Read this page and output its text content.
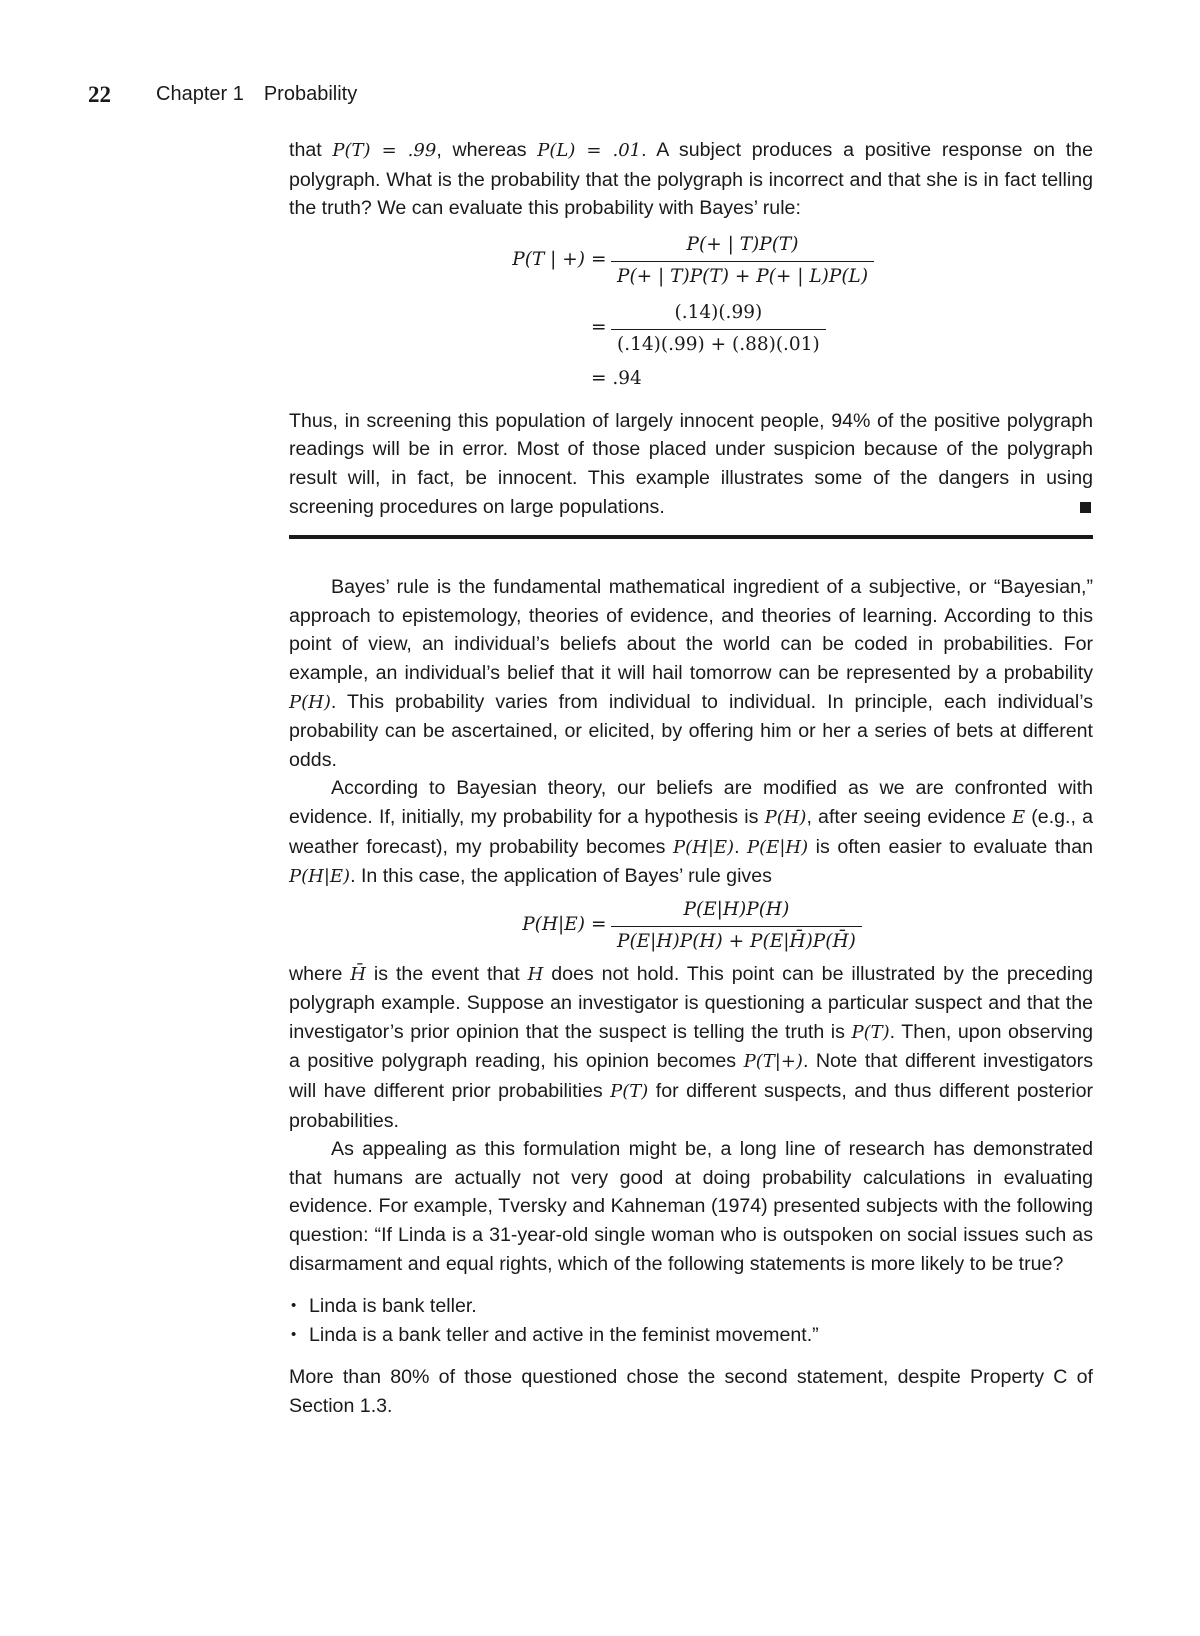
22 Chapter 1 Probability

that P(T) = .99, whereas P(L) = .01. A subject produces a positive response on the polygraph. What is the probability that the polygraph is incorrect and that she is in fact telling the truth? We can evaluate this probability with Bayes’ rule:

P(T | +) = $\frac{P(+ | T)P(T)}{P(+ | T)P(T) + P(+ | L)P(L)}$
= $\frac{(.14)(.99)}{(.14)(.99) + (.88)(.01)}$
= .94

Thus, in screening this population of largely innocent people, 94% of the positive polygraph readings will be in error. Most of those placed under suspicion because of the polygraph result will, in fact, be innocent. This example illustrates some of the dangers in using screening procedures on large populations.

Bayes’ rule is the fundamental mathematical ingredient of a subjective, or “Bayesian,” approach to epistemology, theories of evidence, and theories of learning. According to this point of view, an individual’s beliefs about the world can be coded in probabilities. For example, an individual’s belief that it will hail tomorrow can be represented by a probability P(H). This probability varies from individual to individual. In principle, each individual’s probability can be ascertained, or elicited, by offering him or her a series of bets at different odds.

According to Bayesian theory, our beliefs are modified as we are confronted with evidence. If, initially, my probability for a hypothesis is P(H), after seeing evidence E (e.g., a weather forecast), my probability becomes P(H|E). P(E|H) is often easier to evaluate than P(H|E). In this case, the application of Bayes’ rule gives

$P(H|E) = \frac{P(E|H)P(H)}{P(E|H)P(H) + P(E|H̄)P(H̄)}$

where H̄ is the event that H does not hold. This point can be illustrated by the preceding polygraph example. Suppose an investigator is questioning a particular suspect and that the investigator’s prior opinion that the suspect is telling the truth is P(T). Then, upon observing a positive polygraph reading, his opinion becomes P(T|+). Note that different investigators will have different prior probabilities P(T) for different suspects, and thus different posterior probabilities.

As appealing as this formulation might be, a long line of research has demonstrated that humans are actually not very good at doing probability calculations in evaluating evidence. For example, Tversky and Kahneman (1974) presented subjects with the following question: “If Linda is a 31-year-old single woman who is outspoken on social issues such as disarmament and equal rights, which of the following statements is more likely to be true?

• Linda is bank teller.
• Linda is a bank teller and active in the feminist movement.”

More than 80% of those questioned chose the second statement, despite Property C of Section 1.3.
